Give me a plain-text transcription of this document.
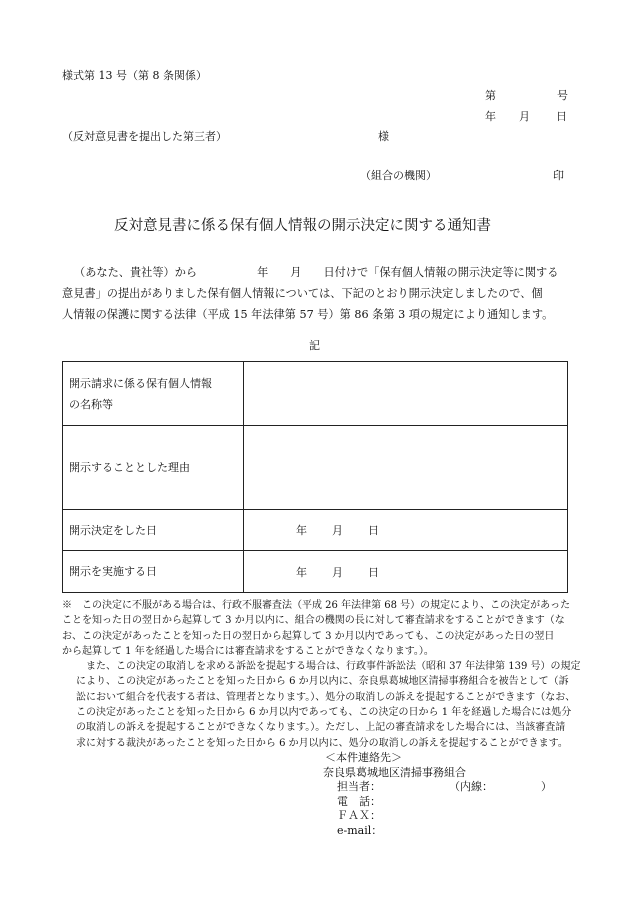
様式第 13 号（第 8 条関係）
第	号
年 月 日
（反対意見書を提出した第三者）	様
（組合の機関）	印
反対意見書に係る保有個人情報の開示決定に関する通知書
（あなた、貴社等）から	年 月 日付けで「保有個人情報の開示決定等に関する
意見書」の提出がありました保有個人情報については、下記のとおり開示決定しましたので、個
人情報の保護に関する法律（平成 15 年法律第 57 号）第 86 条第 3 項の規定により通知します。
記
開示請求に係る保有個人情報
の名称等	

開示することとした理由	
開示決定をした日	年 月 日

開示を実施する日	年 月 日
※　この決定に不服がある場合は、行政不服審査法（平成 26 年法律第 68 号）の規定により、この決定があった
ことを知った日の翌日から起算して 3 か月以内に、組合の機関の長に対して審査請求をすることができます（な
お、この決定があったことを知った日の翌日から起算して 3 か月以内であっても、この決定があった日の翌日
から起算して 1 年を経過した場合には審査請求をすることができなくなります。）。
　また、この決定の取消しを求める訴訟を提起する場合は、行政事件訴訟法（昭和 37 年法律第 139 号）の規定
により、この決定があったことを知った日から 6 か月以内に、奈良県葛城地区清掃事務組合を被告として（訴
訟において組合を代表する者は、管理者となります。）、処分の取消しの訴えを提起することができます（なお、
この決定があったことを知った日から 6 か月以内であっても、この決定の日から 1 年を経過した場合には処分
の取消しの訴えを提起することができなくなります。）。ただし、上記の審査請求をした場合には、当該審査請
求に対する裁決があったことを知った日から 6 か月以内に、処分の取消しの訴えを提起することができます。
＜本件連絡先＞
奈良県葛城地区清掃事務組合
担当者：	（内線：	）
電　話：
ＦＡＸ：
e-mail：
